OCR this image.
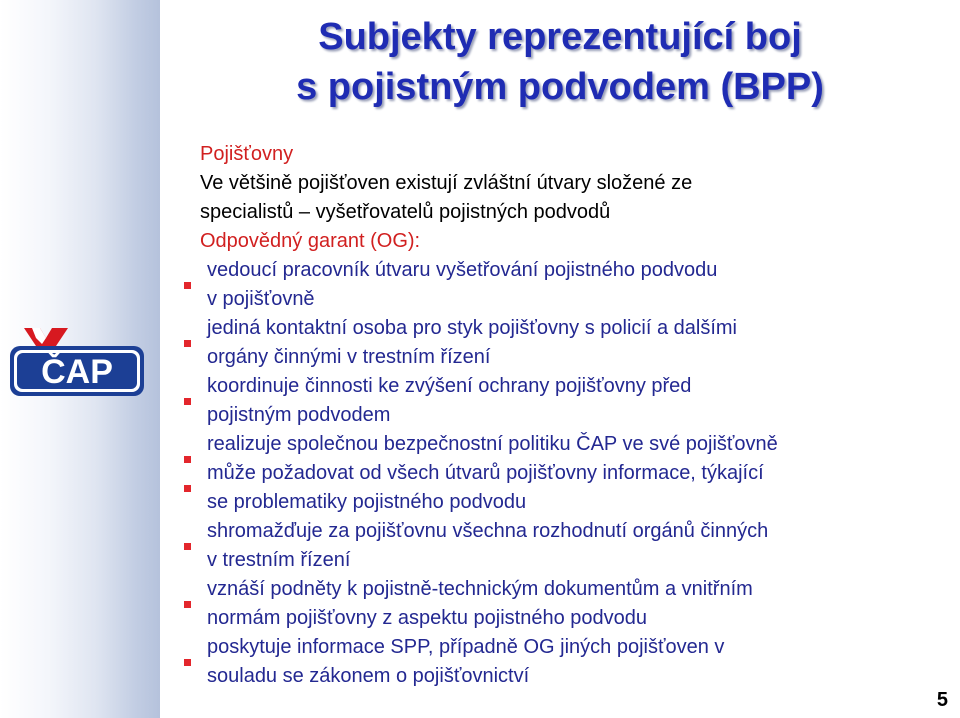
ČAP
Subjekty reprezentující boj
s pojistným podvodem (BPP)
Pojišťovny
Ve většině pojišťoven existují zvláštní útvary složené ze
specialistů – vyšetřovatelů pojistných podvodů
Odpovědný garant (OG):
vedoucí pracovník útvaru vyšetřování pojistného podvodu
v pojišťovně
jediná kontaktní osoba pro styk pojišťovny s policií a dalšími
orgány činnými v trestním řízení
koordinuje činnosti ke zvýšení ochrany pojišťovny před
pojistným podvodem
realizuje společnou bezpečnostní politiku ČAP ve své pojišťovně
může požadovat od všech útvarů pojišťovny informace, týkající
se problematiky pojistného podvodu
shromažďuje za pojišťovnu všechna rozhodnutí orgánů činných
v trestním řízení
vznáší podněty k pojistně-technickým dokumentům a vnitřním
normám pojišťovny z aspektu pojistného podvodu
poskytuje informace SPP, případně OG jiných pojišťoven v
souladu se zákonem o pojišťovnictví
5
